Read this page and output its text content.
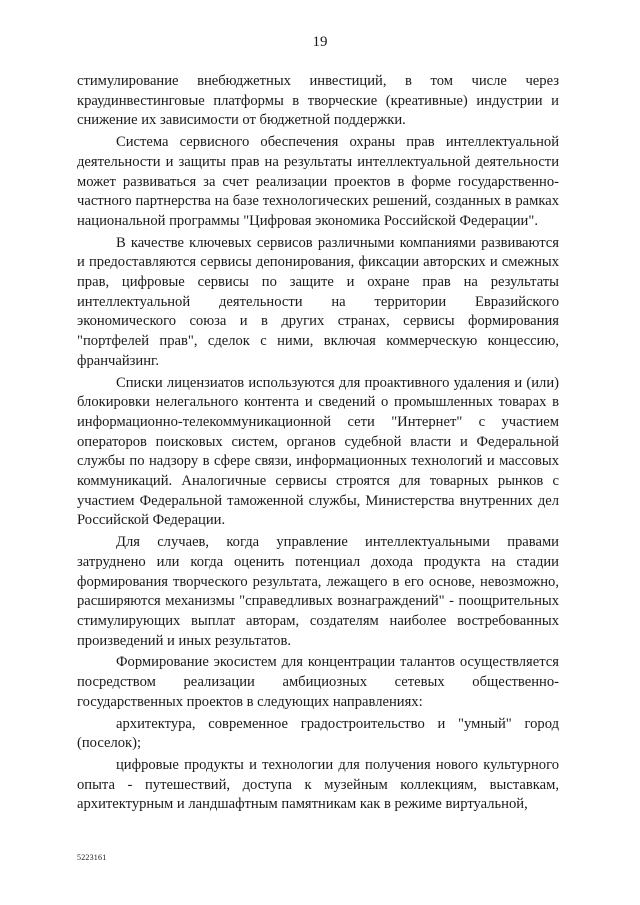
19

стимулирование внебюджетных инвестиций, в том числе через краудинвестинговые платформы в творческие (креативные) индустрии и снижение их зависимости от бюджетной поддержки.

Система сервисного обеспечения охраны прав интеллектуальной деятельности и защиты прав на результаты интеллектуальной деятельности может развиваться за счет реализации проектов в форме государственно-частного партнерства на базе технологических решений, созданных в рамках национальной программы "Цифровая экономика Российской Федерации".

В качестве ключевых сервисов различными компаниями развиваются и предоставляются сервисы депонирования, фиксации авторских и смежных прав, цифровые сервисы по защите и охране прав на результаты интеллектуальной деятельности на территории Евразийского экономического союза и в других странах, сервисы формирования "портфелей прав", сделок с ними, включая коммерческую концессию, франчайзинг.

Списки лицензиатов используются для проактивного удаления и (или) блокировки нелегального контента и сведений о промышленных товарах в информационно-телекоммуникационной сети "Интернет" с участием операторов поисковых систем, органов судебной власти и Федеральной службы по надзору в сфере связи, информационных технологий и массовых коммуникаций. Аналогичные сервисы строятся для товарных рынков с участием Федеральной таможенной службы, Министерства внутренних дел Российской Федерации.

Для случаев, когда управление интеллектуальными правами затруднено или когда оценить потенциал дохода продукта на стадии формирования творческого результата, лежащего в его основе, невозможно, расширяются механизмы "справедливых вознаграждений" - поощрительных стимулирующих выплат авторам, создателям наиболее востребованных произведений и иных результатов.

Формирование экосистем для концентрации талантов осуществляется посредством реализации амбициозных сетевых общественно-государственных проектов в следующих направлениях:

архитектура, современное градостроительство и "умный" город (поселок);

цифровые продукты и технологии для получения нового культурного опыта - путешествий, доступа к музейным коллекциям, выставкам, архитектурным и ландшафтным памятникам как в режиме виртуальной,

5223161
